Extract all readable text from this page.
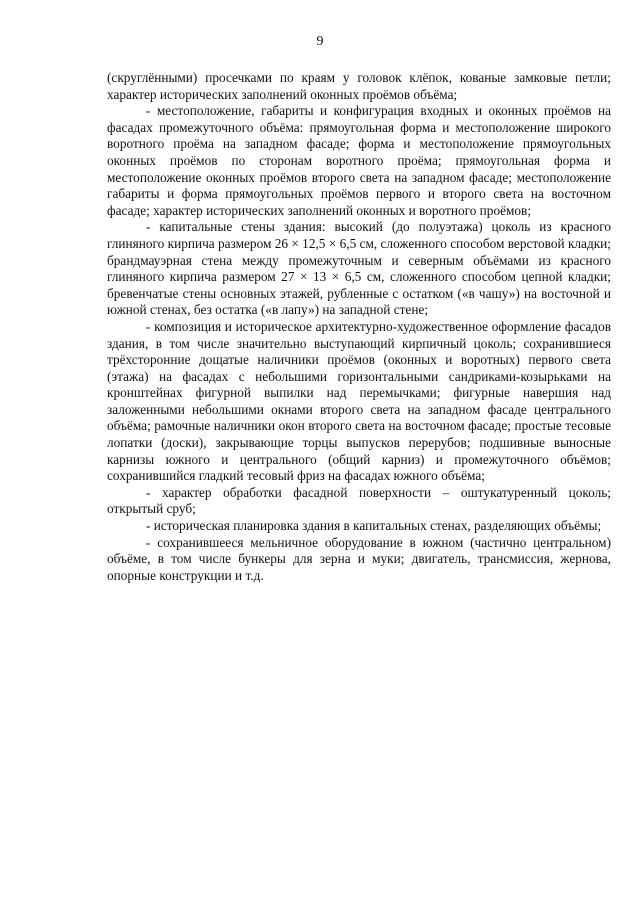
9

(скруглёнными) просечками по краям у головок клёпок, кованые замковые петли; характер исторических заполнений оконных проёмов объёма;

- местоположение, габариты и конфигурация входных и оконных проёмов на фасадах промежуточного объёма: прямоугольная форма и местоположение широкого воротного проёма на западном фасаде; форма и местоположение прямоугольных оконных проёмов по сторонам воротного проёма; прямоугольная форма и местоположение оконных проёмов второго света на западном фасаде; местоположение габариты и форма прямоугольных проёмов первого и второго света на восточном фасаде; характер исторических заполнений оконных и воротного проёмов;

- капитальные стены здания: высокий (до полуэтажа) цоколь из красного глиняного кирпича размером 26 × 12,5 × 6,5 см, сложенного способом верстовой кладки; брандмауэрная стена между промежуточным и северным объёмами из красного глиняного кирпича размером 27 × 13 × 6,5 см, сложенного способом цепной кладки; бревенчатые стены основных этажей, рубленные с остатком («в чашу») на восточной и южной стенах, без остатка («в лапу») на западной стене;

- композиция и историческое архитектурно-художественное оформление фасадов здания, в том числе значительно выступающий кирпичный цоколь; сохранившиеся трёхсторонние дощатые наличники проёмов (оконных и воротных) первого света (этажа) на фасадах с небольшими горизонтальными сандриками-козырьками на кронштейнах фигурной выпилки над перемычками; фигурные навершия над заложенными небольшими окнами второго света на западном фасаде центрального объёма; рамочные наличники окон второго света на восточном фасаде; простые тесовые лопатки (доски), закрывающие торцы выпусков перерубов; подшивные выносные карнизы южного и центрального (общий карниз) и промежуточного объёмов; сохранившийся гладкий тесовый фриз на фасадах южного объёма;

- характер обработки фасадной поверхности – оштукатуренный цоколь; открытый сруб;

- историческая планировка здания в капитальных стенах, разделяющих объёмы;

- сохранившееся мельничное оборудование в южном (частично центральном) объёме, в том числе бункеры для зерна и муки; двигатель, трансмиссия, жернова, опорные конструкции и т.д.
